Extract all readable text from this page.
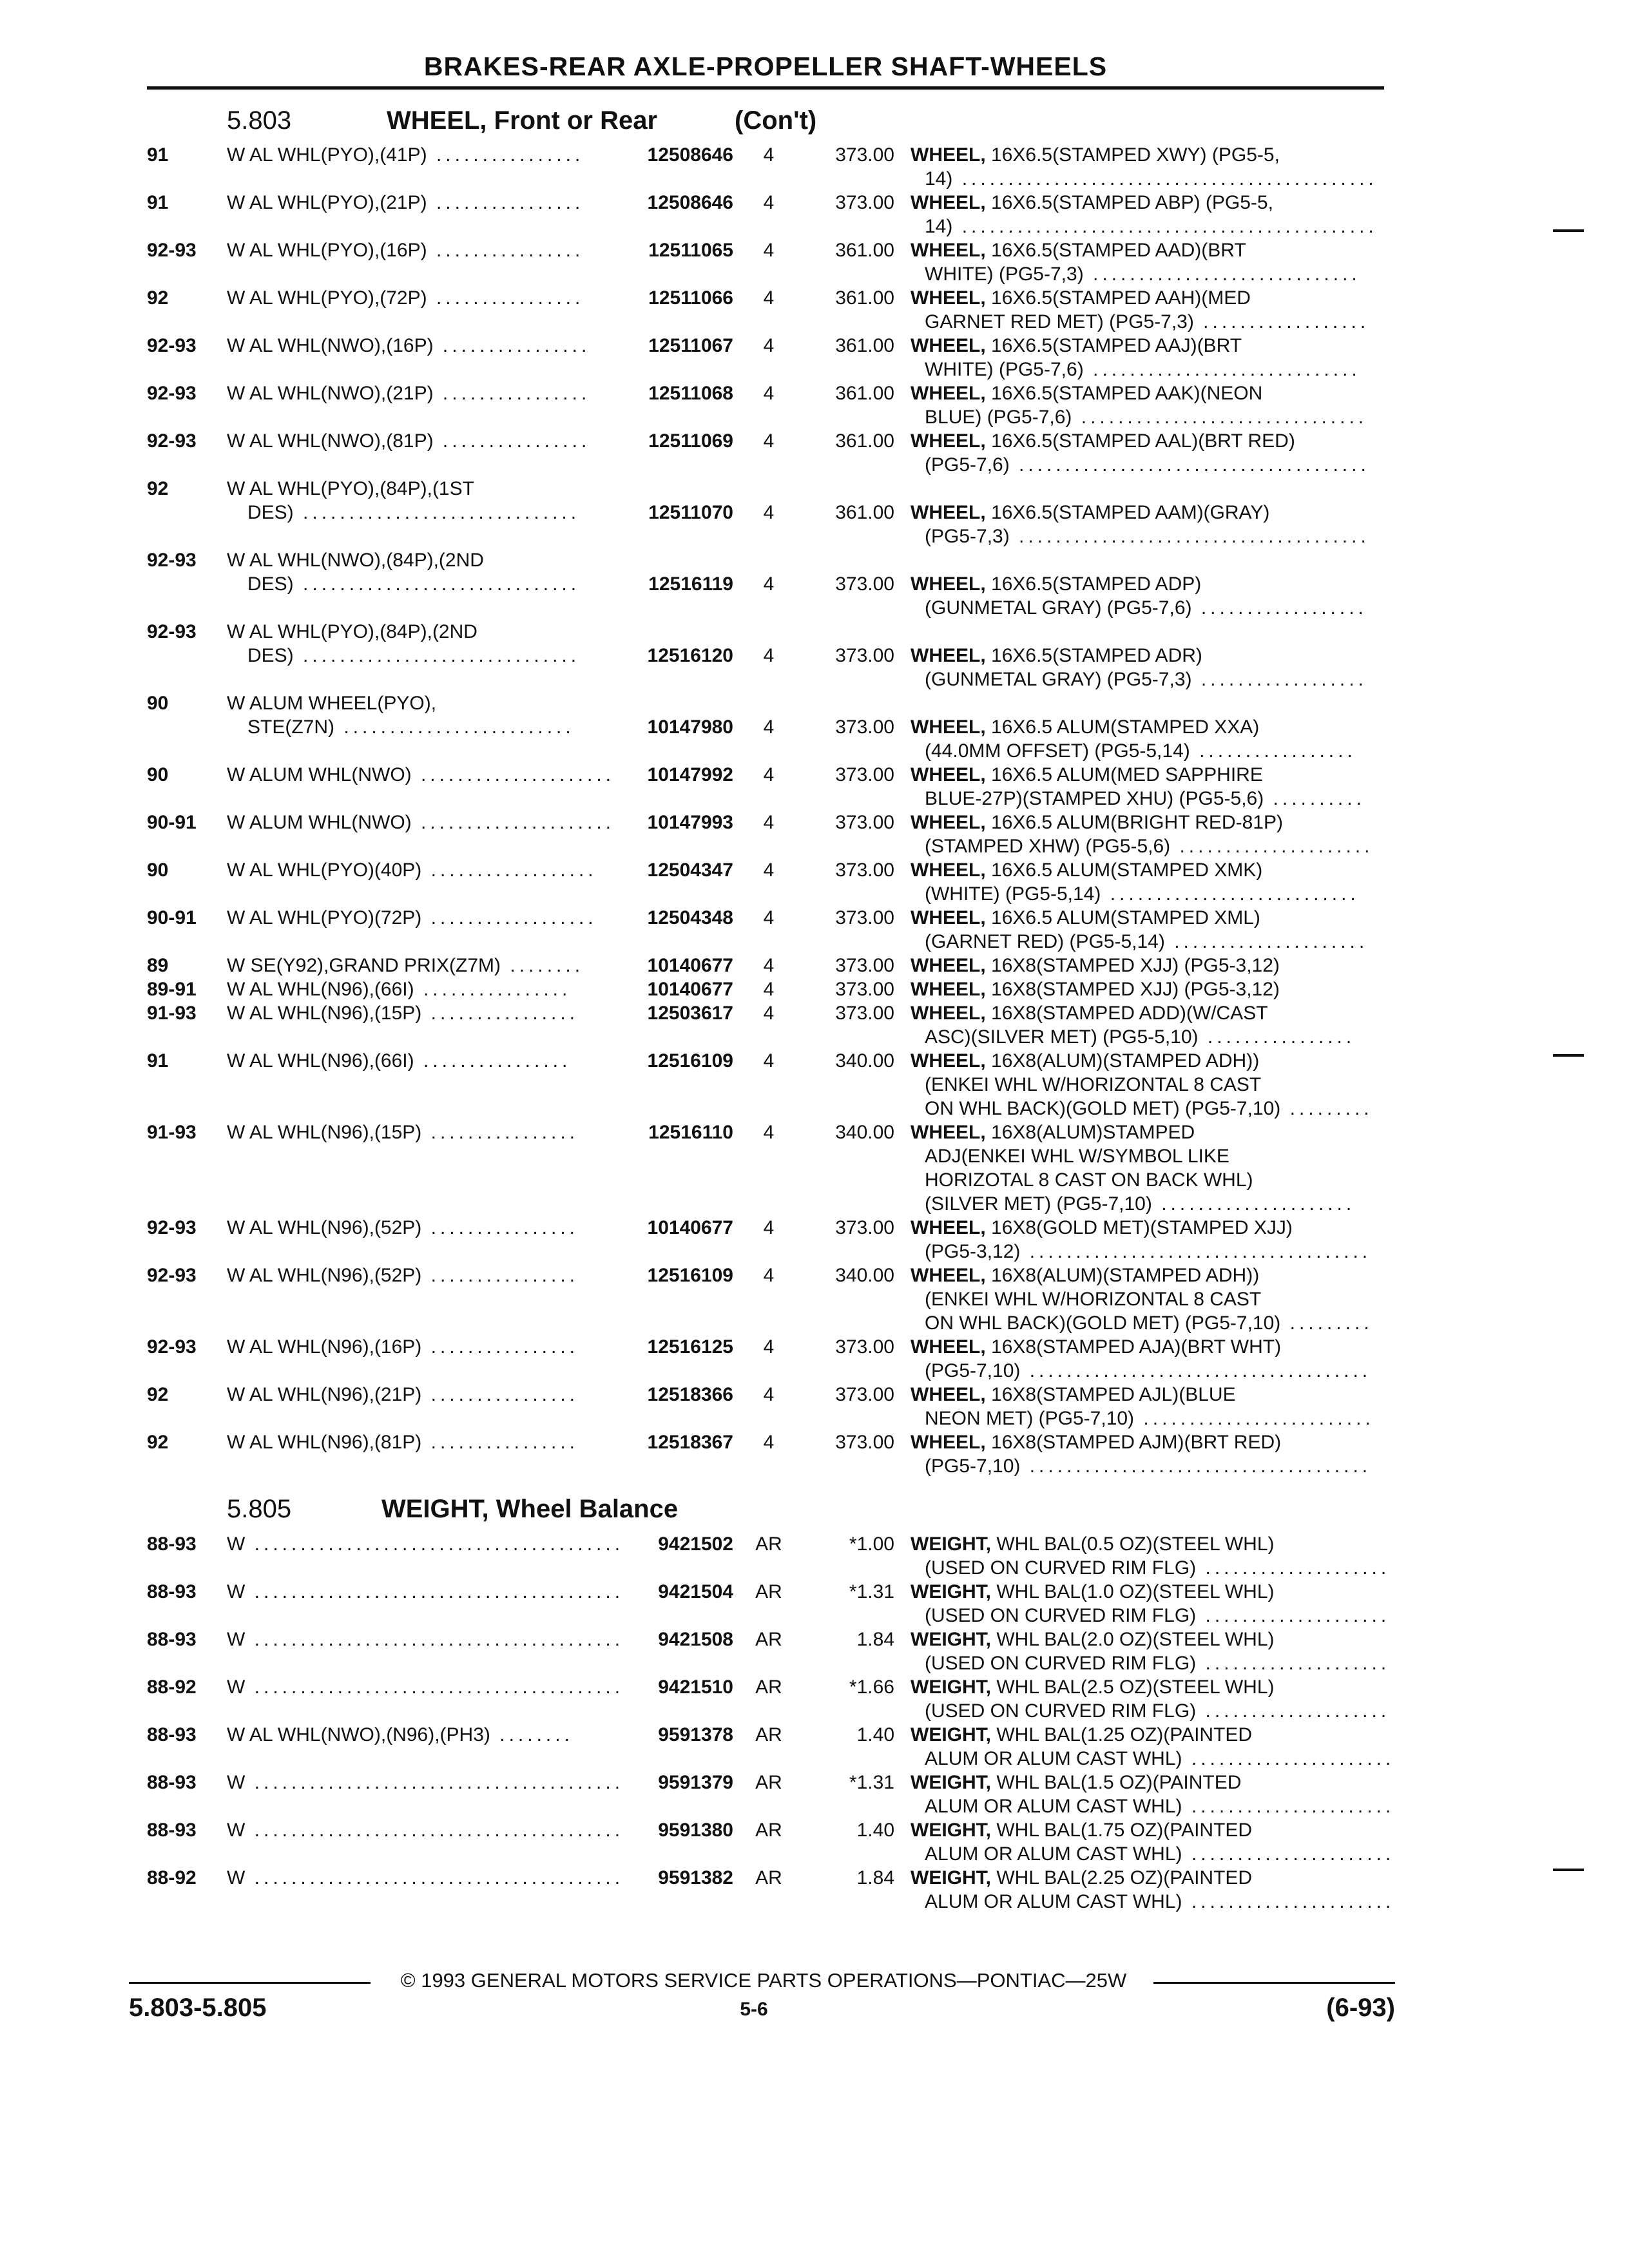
BRAKES-REAR AXLE-PROPELLER SHAFT-WHEELS
5.803	WHEEL, Front or Rear	(Con't)
5.805	WEIGHT, Wheel Balance
91	W AL WHL(PYO),(41P) ................	12508646	4	373.00 WHEEL, 16X6.5(STAMPED XWY) (PG5-5,
14) .............................................
91	W AL WHL(PYO),(21P) ................	12508646	4	373.00 WHEEL, 16X6.5(STAMPED ABP) (PG5-5,
14) .............................................
92-93 W AL WHL(PYO),(16P) ................	12511065	4	361.00 WHEEL, 16X6.5(STAMPED AAD)(BRT
WHITE) (PG5-7,3) .............................
92	W AL WHL(PYO),(72P) ................	12511066	4	361.00 WHEEL, 16X6.5(STAMPED AAH)(MED
GARNET RED MET) (PG5-7,3) ..................
92-93 W AL WHL(NWO),(16P) ................	12511067	4	361.00 WHEEL, 16X6.5(STAMPED AAJ)(BRT
WHITE) (PG5-7,6) .............................
92-93 W AL WHL(NWO),(21P) ................	12511068	4	361.00 WHEEL, 16X6.5(STAMPED AAK)(NEON
BLUE) (PG5-7,6) ...............................
92-93 W AL WHL(NWO),(81P) ................	12511069	4	361.00 WHEEL, 16X6.5(STAMPED AAL)(BRT RED)
(PG5-7,6) ......................................
92	W AL WHL(PYO),(84P),(1ST
DES) ..............................	12511070	4	361.00 WHEEL, 16X6.5(STAMPED AAM)(GRAY)
(PG5-7,3) ......................................
92-93 W AL WHL(NWO),(84P),(2ND
DES) ..............................	12516119	4	373.00 WHEEL, 16X6.5(STAMPED ADP)
(GUNMETAL GRAY) (PG5-7,6) ..................
92-93 W AL WHL(PYO),(84P),(2ND
DES) ..............................	12516120	4	373.00 WHEEL, 16X6.5(STAMPED ADR)
(GUNMETAL GRAY) (PG5-7,3) ..................
90	W ALUM WHEEL(PYO),
STE(Z7N) .........................	10147980	4	373.00 WHEEL, 16X6.5 ALUM(STAMPED XXA)
(44.0MM OFFSET) (PG5-5,14) .................
90	W ALUM WHL(NWO) .....................	10147992	4	373.00 WHEEL, 16X6.5 ALUM(MED SAPPHIRE
BLUE-27P)(STAMPED XHU) (PG5-5,6) ..........
90-91 W ALUM WHL(NWO) .....................	10147993	4	373.00 WHEEL, 16X6.5 ALUM(BRIGHT RED-81P)
(STAMPED XHW) (PG5-5,6) .....................
90	W AL WHL(PYO)(40P) ..................	12504347	4	373.00 WHEEL, 16X6.5 ALUM(STAMPED XMK)
(WHITE) (PG5-5,14) ...........................
90-91 W AL WHL(PYO)(72P) ..................	12504348	4	373.00 WHEEL, 16X6.5 ALUM(STAMPED XML)
(GARNET RED) (PG5-5,14) .....................
89	W SE(Y92),GRAND PRIX(Z7M) ........	10140677	4	373.00 WHEEL, 16X8(STAMPED XJJ) (PG5-3,12)
89-91 W AL WHL(N96),(66I) ................	10140677	4	373.00 WHEEL, 16X8(STAMPED XJJ) (PG5-3,12)
91-93 W AL WHL(N96),(15P) ................	12503617	4	373.00 WHEEL, 16X8(STAMPED ADD)(W/CAST
ASC)(SILVER MET) (PG5-5,10) ................
91	W AL WHL(N96),(66I) ................	12516109	4	340.00 WHEEL, 16X8(ALUM)(STAMPED ADH))
(ENKEI WHL W/HORIZONTAL 8 CAST
ON WHL BACK)(GOLD MET) (PG5-7,10) .........
91-93 W AL WHL(N96),(15P) ................	12516110	4	340.00 WHEEL, 16X8(ALUM)STAMPED
ADJ(ENKEI WHL W/SYMBOL LIKE
HORIZOTAL 8 CAST ON BACK WHL)
(SILVER MET) (PG5-7,10) .....................
92-93 W AL WHL(N96),(52P) ................	10140677	4	373.00 WHEEL, 16X8(GOLD MET)(STAMPED XJJ)
(PG5-3,12) .....................................
92-93 W AL WHL(N96),(52P) ................	12516109	4	340.00 WHEEL, 16X8(ALUM)(STAMPED ADH))
(ENKEI WHL W/HORIZONTAL 8 CAST
ON WHL BACK)(GOLD MET) (PG5-7,10) .........
92-93 W AL WHL(N96),(16P) ................	12516125	4	373.00 WHEEL, 16X8(STAMPED AJA)(BRT WHT)
(PG5-7,10) .....................................
92	W AL WHL(N96),(21P) ................	12518366	4	373.00 WHEEL, 16X8(STAMPED AJL)(BLUE
NEON MET) (PG5-7,10) .........................
92	W AL WHL(N96),(81P) ................	12518367	4	373.00 WHEEL, 16X8(STAMPED AJM)(BRT RED)
(PG5-7,10) .....................................
88-93 W ........................................	9421502	AR	*1.00 WEIGHT, WHL BAL(0.5 OZ)(STEEL WHL)
(USED ON CURVED RIM FLG) ....................
88-93 W ........................................	9421504	AR	*1.31 WEIGHT, WHL BAL(1.0 OZ)(STEEL WHL)
(USED ON CURVED RIM FLG) ....................
88-93 W ........................................	9421508	AR	1.84 WEIGHT, WHL BAL(2.0 OZ)(STEEL WHL)
(USED ON CURVED RIM FLG) ....................
88-92 W ........................................	9421510	AR	*1.66 WEIGHT, WHL BAL(2.5 OZ)(STEEL WHL)
(USED ON CURVED RIM FLG) ....................
88-93 W AL WHL(NWO),(N96),(PH3) ........	9591378	AR	1.40 WEIGHT, WHL BAL(1.25 OZ)(PAINTED
ALUM OR ALUM CAST WHL) ......................
88-93 W ........................................	9591379	AR	*1.31 WEIGHT, WHL BAL(1.5 OZ)(PAINTED
ALUM OR ALUM CAST WHL) ......................
88-93 W ........................................	9591380	AR	1.40 WEIGHT, WHL BAL(1.75 OZ)(PAINTED
ALUM OR ALUM CAST WHL) ......................
88-92 W ........................................	9591382	AR	1.84 WEIGHT, WHL BAL(2.25 OZ)(PAINTED
ALUM OR ALUM CAST WHL) ......................
© 1993 GENERAL MOTORS SERVICE PARTS OPERATIONS—PONTIAC—25W
5.803-5.805	5-6	(6-93)
